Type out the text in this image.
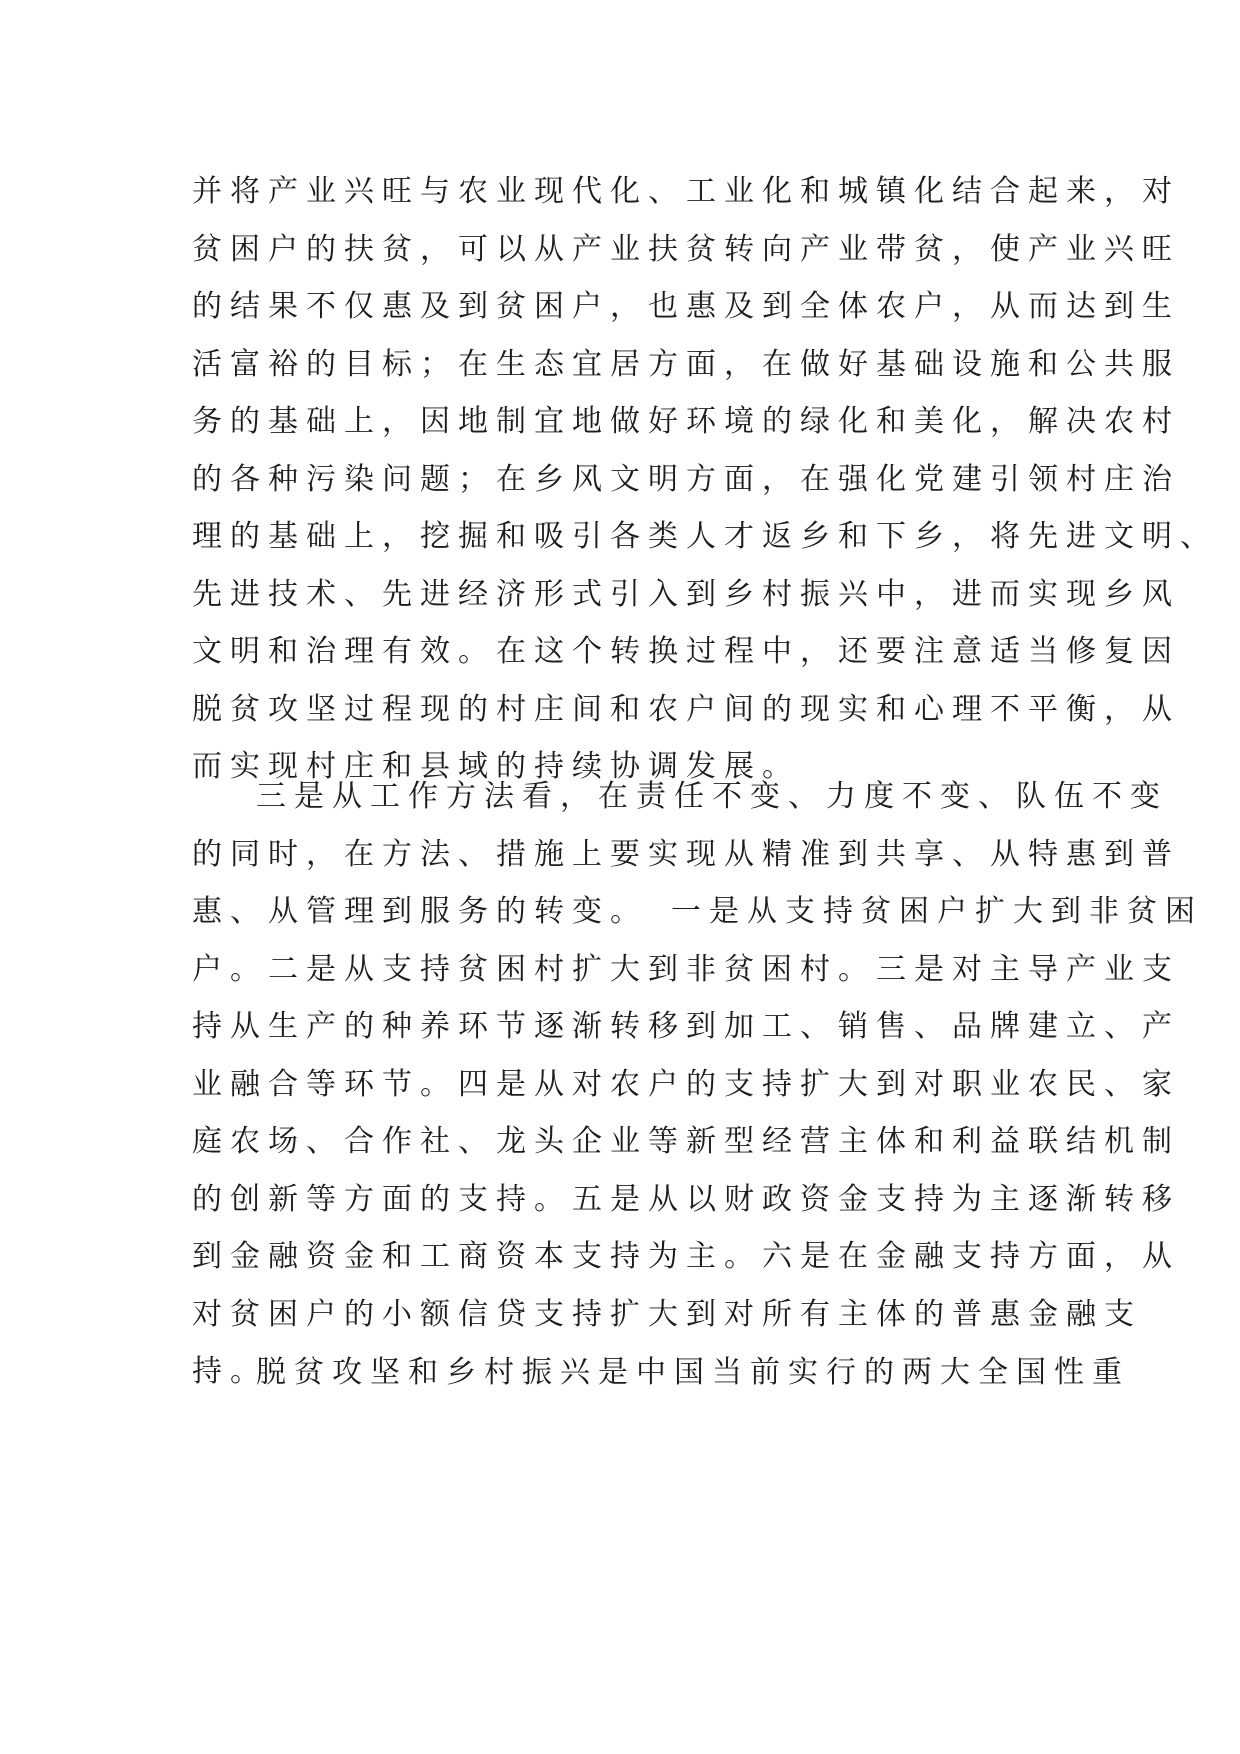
并将产业兴旺与农业现代化、工业化和城镇化结合起来，对
贫困户的扶贫，可以从产业扶贫转向产业带贫，使产业兴旺
的结果不仅惠及到贫困户，也惠及到全体农户，从而达到生
活富裕的目标；在生态宜居方面，在做好基础设施和公共服
务的基础上，因地制宜地做好环境的绿化和美化，解决农村
的各种污染问题；在乡风文明方面，在强化党建引领村庄治
理的基础上，挖掘和吸引各类人才返乡和下乡，将先进文明、
先进技术、先进经济形式引入到乡村振兴中，进而实现乡风
文明和治理有效。在这个转换过程中，还要注意适当修复因
脱贫攻坚过程现的村庄间和农户间的现实和心理不平衡，从
而实现村庄和县域的持续协调发展。
三是从工作方法看，在责任不变、力度不变、队伍不变
的同时，在方法、措施上要实现从精准到共享、从特惠到普
惠、从管理到服务的转变。　一是从支持贫困户扩大到非贫困
户。二是从支持贫困村扩大到非贫困村。三是对主导产业支
持从生产的种养环节逐渐转移到加工、销售、品牌建立、产
业融合等环节。四是从对农户的支持扩大到对职业农民、家
庭农场、合作社、龙头企业等新型经营主体和利益联结机制
的创新等方面的支持。五是从以财政资金支持为主逐渐转移
到金融资金和工商资本支持为主。六是在金融支持方面，从
对贫困户的小额信贷支持扩大到对所有主体的普惠金融支
持。
脱贫攻坚和乡村振兴是中国当前实行的两大全国性重
